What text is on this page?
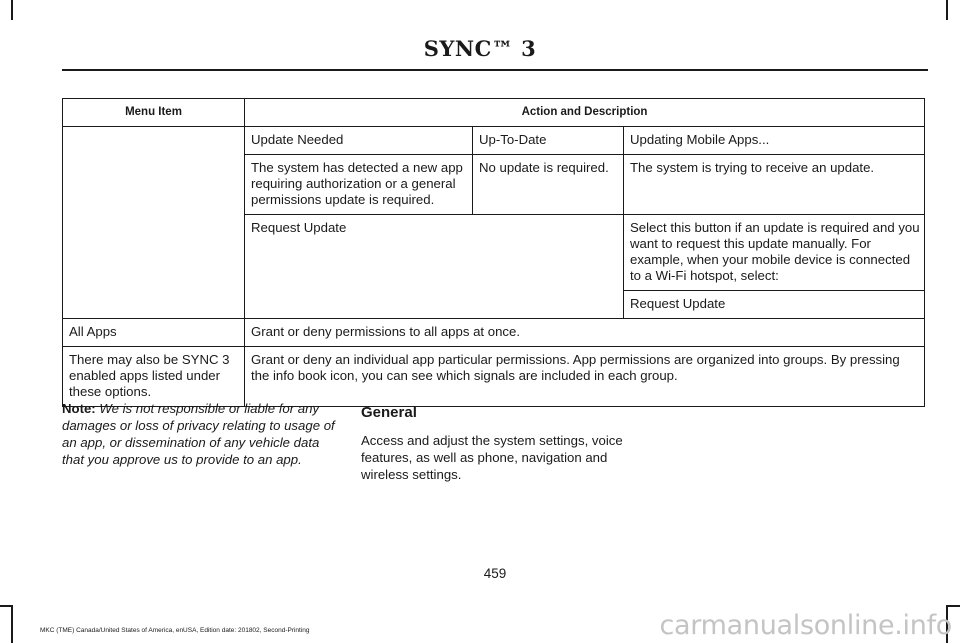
SYNC™ 3
Menu Item	Action and Description		
	Update Needed	Up-To-Date	Updating Mobile Apps...
	The system has detected a new app requiring authorization or a general permissions update is required.	No update is required.	The system is trying to receive an update.
	Request Update		Select this button if an update is required and you want to request this update manually. For example, when your mobile device is connected to a Wi-Fi hotspot, select:
			Request Update
All Apps	Grant or deny permissions to all apps at once.		
There may also be SYNC 3 enabled apps listed under these options.	Grant or deny an individual app particular permissions. App permissions are organized into groups. By pressing the info book icon, you can see which signals are included in each group.		
Note: We is not responsible or liable for any damages or loss of privacy relating to usage of an app, or dissemination of any vehicle data that you approve us to provide to an app.
General
Access and adjust the system settings, voice features, as well as phone, navigation and wireless settings.
459
MKC (TME) Canada/United States of America, enUSA, Edition date: 201802, Second-Printing	carmanualsonline.info
